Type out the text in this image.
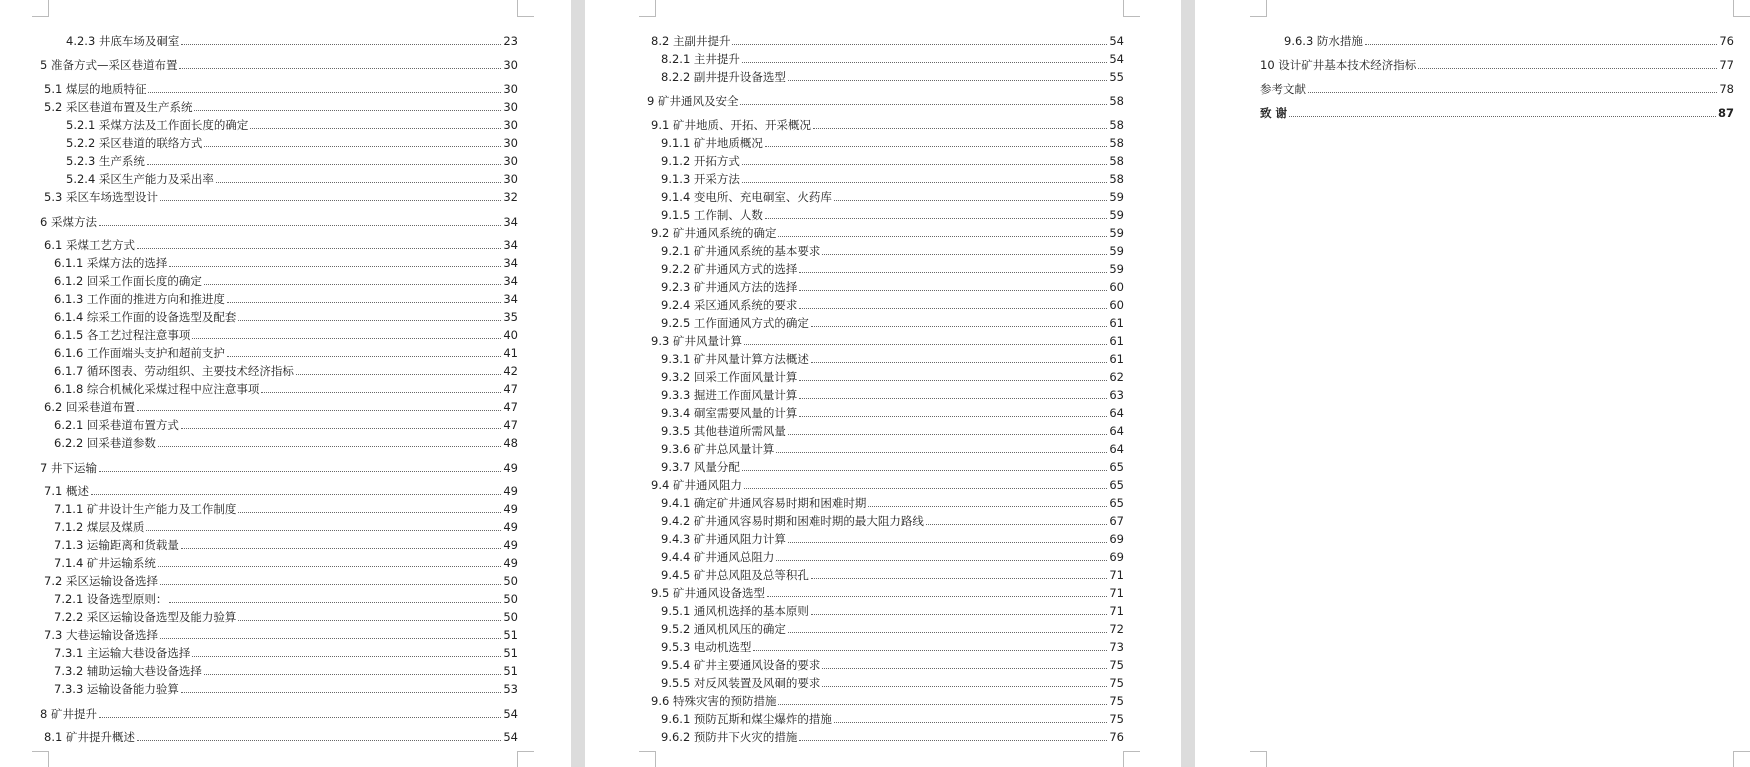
4.2.3 井底车场及硐室	23
5 准备方式—采区巷道布置	30
5.1 煤层的地质特征	30
5.2 采区巷道布置及生产系统	30
5.2.1 采煤方法及工作面长度的确定	30
5.2.2 采区巷道的联络方式	30
5.2.3 生产系统	30
5.2.4 采区生产能力及采出率	30
5.3 采区车场选型设计	32
6 采煤方法	34
6.1 采煤工艺方式	34
6.1.1 采煤方法的选择	34
6.1.2 回采工作面长度的确定	34
6.1.3 工作面的推进方向和推进度	34
6.1.4 综采工作面的设备选型及配套	35
6.1.5 各工艺过程注意事项	40
6.1.6 工作面端头支护和超前支护	41
6.1.7 循环图表、劳动组织、主要技术经济指标	42
6.1.8 综合机械化采煤过程中应注意事项	47
6.2 回采巷道布置	47
6.2.1 回采巷道布置方式	47
6.2.2 回采巷道参数	48
7 井下运输	49
7.1 概述	49
7.1.1 矿井设计生产能力及工作制度	49
7.1.2 煤层及煤质	49
7.1.3 运输距离和货载量	49
7.1.4 矿井运输系统	49
7.2 采区运输设备选择	50
7.2.1 设备选型原则：	50
7.2.2 采区运输设备选型及能力验算	50
7.3 大巷运输设备选择	51
7.3.1 主运输大巷设备选择	51
7.3.2 辅助运输大巷设备选择	51
7.3.3 运输设备能力验算	53
8 矿井提升	54
8.1 矿井提升概述	54
8.2 主副井提升	54
8.2.1 主井提升	54
8.2.2 副井提升设备选型	55
9 矿井通风及安全	58
9.1 矿井地质、开拓、开采概况	58
9.1.1 矿井地质概况	58
9.1.2 开拓方式	58
9.1.3 开采方法	58
9.1.4 变电所、充电硐室、火药库	59
9.1.5 工作制、人数	59
9.2 矿井通风系统的确定	59
9.2.1 矿井通风系统的基本要求	59
9.2.2 矿井通风方式的选择	59
9.2.3 矿井通风方法的选择	60
9.2.4 采区通风系统的要求	60
9.2.5 工作面通风方式的确定	61
9.3 矿井风量计算	61
9.3.1 矿井风量计算方法概述	61
9.3.2 回采工作面风量计算	62
9.3.3 掘进工作面风量计算	63
9.3.4 硐室需要风量的计算	64
9.3.5 其他巷道所需风量	64
9.3.6 矿井总风量计算	64
9.3.7 风量分配	65
9.4 矿井通风阻力	65
9.4.1 确定矿井通风容易时期和困难时期	65
9.4.2 矿井通风容易时期和困难时期的最大阻力路线	67
9.4.3 矿井通风阻力计算	69
9.4.4 矿井通风总阻力	69
9.4.5 矿井总风阻及总等积孔	71
9.5 矿井通风设备选型	71
9.5.1 通风机选择的基本原则	71
9.5.2 通风机风压的确定	72
9.5.3 电动机选型	73
9.5.4 矿井主要通风设备的要求	75
9.5.5 对反风装置及风硐的要求	75
9.6 特殊灾害的预防措施	75
9.6.1 预防瓦斯和煤尘爆炸的措施	75
9.6.2 预防井下火灾的措施	76
9.6.3 防水措施	76
10 设计矿井基本技术经济指标	77
参考文献	78
致 谢	87
